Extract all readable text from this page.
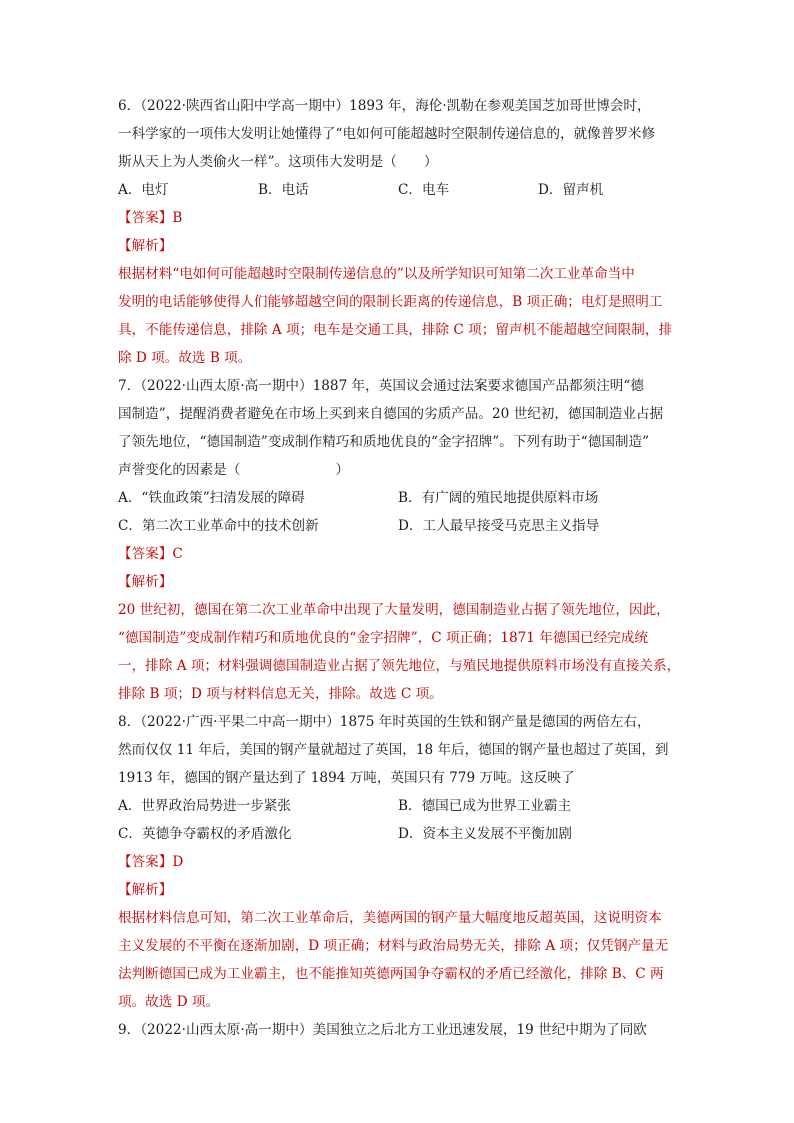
6．（2022·陕西省山阳中学高一期中）1893 年，海伦·凯勒在参观美国芝加哥世博会时，
一科学家的一项伟大发明让她懂得了“电如何可能超越时空限制传递信息的，就像普罗米修
斯从天上为人类偷火一样”。这项伟大发明是（　　）
A．电灯	B．电话	C．电车	D．留声机
【答案】B
【解析】
根据材料“电如何可能超越时空限制传递信息的”以及所学知识可知第二次工业革命当中
发明的电话能够使得人们能够超越空间的限制长距离的传递信息，B 项正确；电灯是照明工
具，不能传递信息，排除 A 项；电车是交通工具，排除 C 项；留声机不能超越空间限制，排
除 D 项。故选 B 项。
7．（2022·山西太原·高一期中）1887 年，英国议会通过法案要求德国产品都须注明“德
国制造”，提醒消费者避免在市场上买到来自德国的劣质产品。20 世纪初，德国制造业占据
了领先地位，“德国制造”变成制作精巧和质地优良的“金字招牌”。下列有助于“德国制造”
声誉变化的因素是（　　　　　　　）
A．“铁血政策”扫清发展的障碍	B．有广阔的殖民地提供原料市场
C．第二次工业革命中的技术创新	D．工人最早接受马克思主义指导
【答案】C
【解析】
20 世纪初，德国在第二次工业革命中出现了大量发明，德国制造业占据了领先地位，因此，
“德国制造”变成制作精巧和质地优良的“金字招牌”，C 项正确；1871 年德国已经完成统
一，排除 A 项；材料强调德国制造业占据了领先地位，与殖民地提供原料市场没有直接关系，
排除 B 项；D 项与材料信息无关，排除。故选 C 项。
8．（2022·广西·平果二中高一期中）1875 年时英国的生铁和钢产量是德国的两倍左右，
然而仅仅 11 年后，美国的钢产量就超过了英国，18 年后，德国的钢产量也超过了英国，到
1913 年，德国的钢产量达到了 1894 万吨，英国只有 779 万吨。这反映了
A．世界政治局势进一步紧张	B．德国已成为世界工业霸主
C．英德争夺霸权的矛盾激化	D．资本主义发展不平衡加剧
【答案】D
【解析】
根据材料信息可知，第二次工业革命后，美德两国的钢产量大幅度地反超英国，这说明资本
主义发展的不平衡在逐渐加剧，D 项正确；材料与政治局势无关，排除 A 项；仅凭钢产量无
法判断德国已成为工业霸主，也不能推知英德两国争夺霸权的矛盾已经激化，排除 B、C 两
项。故选 D 项。
9．（2022·山西太原·高一期中）美国独立之后北方工业迅速发展，19 世纪中期为了同欧
